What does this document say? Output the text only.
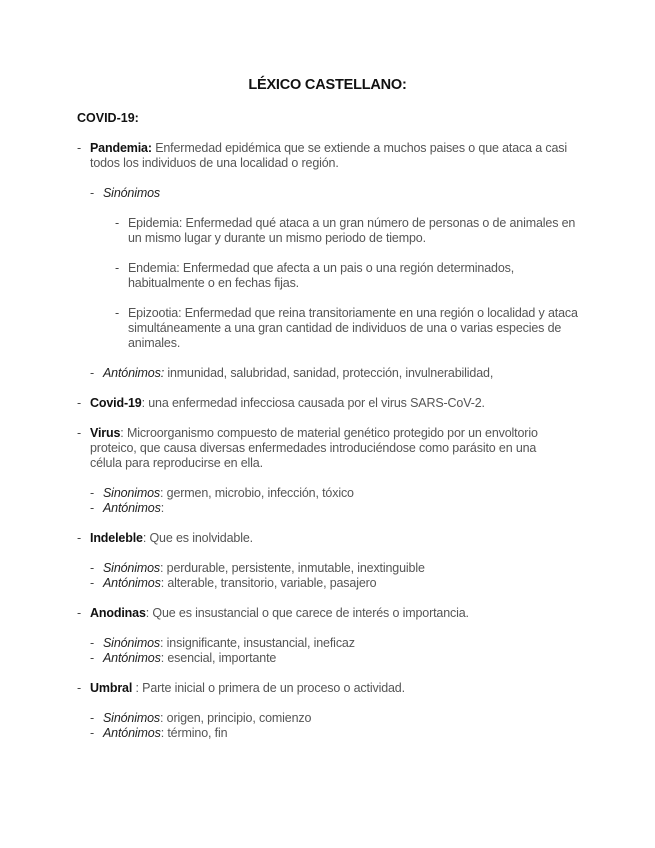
LÉXICO CASTELLANO:
COVID-19:
- Pandemia: Enfermedad epidémica que se extiende a muchos paises o que ataca a casi todos los individuos de una localidad o región.
- Sinónimos
- Epidemia: Enfermedad qué ataca a un gran número de personas o de animales en un mismo lugar y durante un mismo periodo de tiempo.
- Endemia: Enfermedad que afecta a un pais o una región determinados, habitualmente o en fechas fijas.
- Epizootia: Enfermedad que reina transitoriamente en una región o localidad y ataca simultáneamente a una gran cantidad de individuos de una o varias especies de animales.
- Antónimos: inmunidad, salubridad, sanidad, protección, invulnerabilidad,
- Covid-19: una enfermedad infecciosa causada por el virus SARS-CoV-2.
- Virus: Microorganismo compuesto de material genético protegido por un envoltorio proteico, que causa diversas enfermedades introduciéndose como parásito en una célula para reproducirse en ella.
- Sinonimos: germen, microbio, infección, tóxico
- Antónimos:
- Indeleble: Que es inolvidable.
- Sinónimos: perdurable, persistente, inmutable, inextinguible
- Antónimos: alterable, transitorio, variable, pasajero
- Anodinas: Que es insustancial o que carece de interés o importancia.
- Sinónimos: insignificante, insustancial, ineficaz
- Antónimos: esencial, importante
- Umbral : Parte inicial o primera de un proceso o actividad.
- Sinónimos: origen, principio, comienzo
- Antónimos: término, fin
